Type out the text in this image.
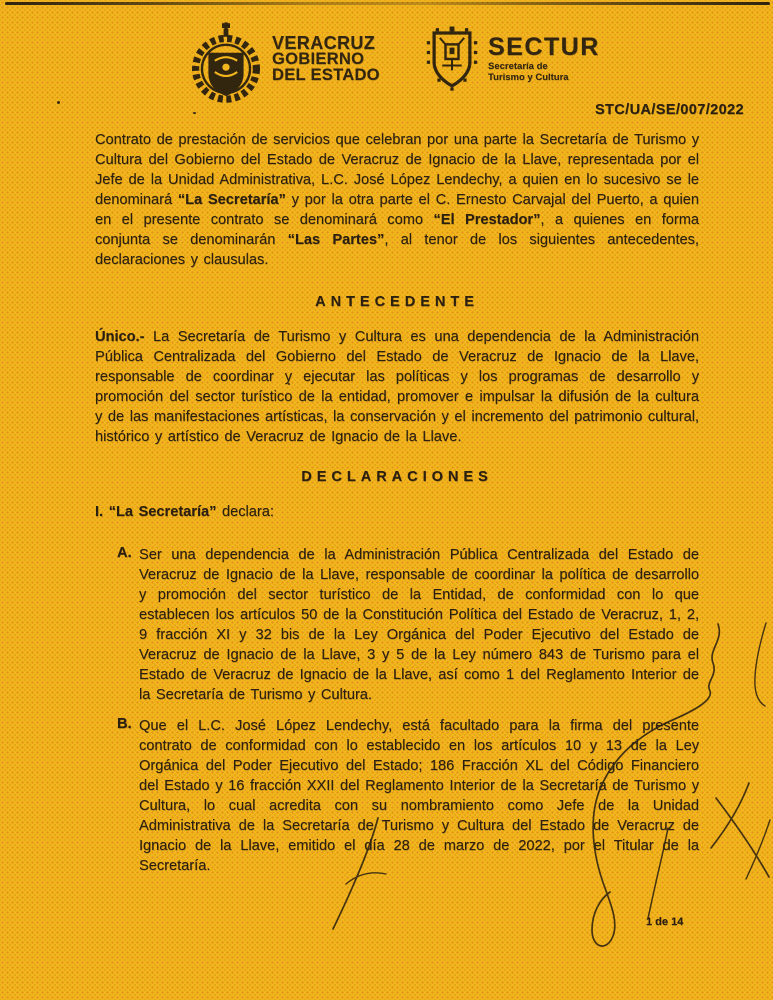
VERACRUZ
GOBIERNO
DEL ESTADO
SECTUR
Secretaría de
Turismo y Cultura
STC/UA/SE/007/2022
Contrato de prestación de servicios que celebran por una parte la Secretaría de Turismo y Cultura del Gobierno del Estado de Veracruz de Ignacio de la Llave, representada por el Jefe de la Unidad Administrativa, L.C. José López Lendechy, a quien en lo sucesivo se le denominará “La Secretaría” y por la otra parte el C. Ernesto Carvajal del Puerto, a quien en el presente contrato se denominará como “El Prestador”, a quienes en forma conjunta se denominarán “Las Partes”, al tenor de los siguientes antecedentes, declaraciones y clausulas.
ANTECEDENTE
Único.- La Secretaría de Turismo y Cultura es una dependencia de la Administración Pública Centralizada del Gobierno del Estado de Veracruz de Ignacio de la Llave, responsable de coordinar y ejecutar las políticas y los programas de desarrollo y promoción del sector turístico de la entidad, promover e impulsar la difusión de la cultura y de las manifestaciones artísticas, la conservación y el incremento del patrimonio cultural, histórico y artístico de Veracruz de Ignacio de la Llave.
DECLARACIONES
I. “La Secretaría” declara:
A. Ser una dependencia de la Administración Pública Centralizada del Estado de Veracruz de Ignacio de la Llave, responsable de coordinar la política de desarrollo y promoción del sector turístico de la Entidad, de conformidad con lo que establecen los artículos 50 de la Constitución Política del Estado de Veracruz, 1, 2, 9 fracción XI y 32 bis de la Ley Orgánica del Poder Ejecutivo del Estado de Veracruz de Ignacio de la Llave, 3 y 5 de la Ley número 843 de Turismo para el Estado de Veracruz de Ignacio de la Llave, así como 1 del Reglamento Interior de la Secretaría de Turismo y Cultura.
B. Que el L.C. José López Lendechy, está facultado para la firma del presente contrato de conformidad con lo establecido en los artículos 10 y 13 de la Ley Orgánica del Poder Ejecutivo del Estado; 186 Fracción XL del Código Financiero del Estado y 16 fracción XXII del Reglamento Interior de la Secretaría de Turismo y Cultura, lo cual acredita con su nombramiento como Jefe de la Unidad Administrativa de la Secretaría de Turismo y Cultura del Estado de Veracruz de Ignacio de la Llave, emitido el día 28 de marzo de 2022, por el Titular de la Secretaría.
1 de 14
